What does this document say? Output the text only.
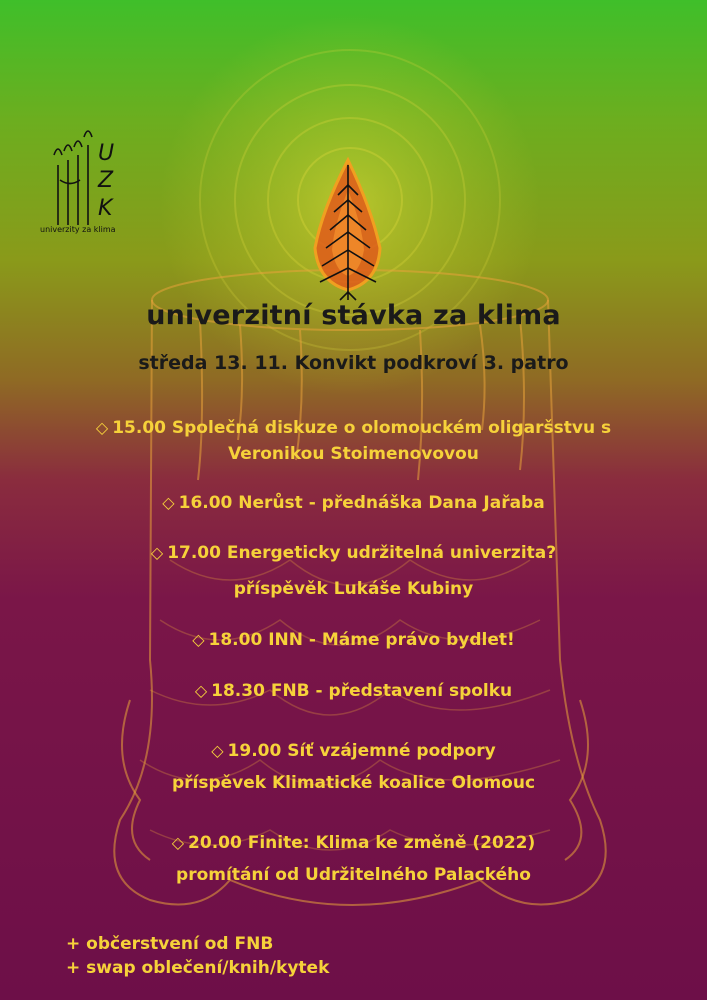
U
Z
K
univerzity za klima
univerzitní stávka za klima
středa 13. 11. Konvikt podkroví 3. patro
◇ 15.00 Společná diskuze o olomouckém oligaršstvu s
Veronikou Stoimenovovou
◇ 16.00 Nerůst - přednáška Dana Jařaba
◇ 17.00 Energeticky udržitelná univerzita?
příspěvěk Lukáše Kubiny
◇ 18.00 INN - Máme právo bydlet!
◇ 18.30 FNB - představení spolku
◇ 19.00 Síť vzájemné podpory
příspěvek Klimatické koalice Olomouc
◇ 20.00 Finite: Klima ke změně (2022)
promítání od Udržitelného Palackého
+ občerstvení od FNB
+ swap oblečení/knih/kytek
